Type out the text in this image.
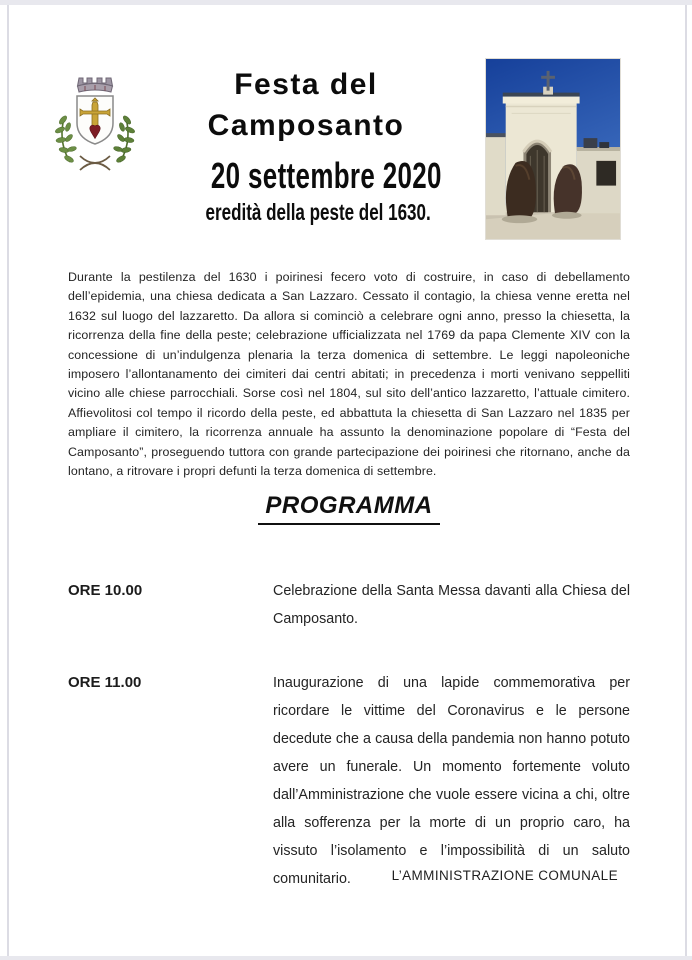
Festa del
Camposanto
20 settembre 2020
eredità della peste del 1630.

Durante la pestilenza del 1630 i poirinesi fecero voto di costruire, in caso di debellamento dell’epidemia, una chiesa dedicata a San Lazzaro. Cessato il contagio, la chiesa venne eretta nel 1632 sul luogo del lazzaretto. Da allora si cominciò a celebrare ogni anno, presso la chiesetta, la ricorrenza della fine della peste; celebrazione ufficializzata nel 1769 da papa Clemente XIV con la concessione di un’indulgenza plenaria la terza domenica di settembre. Le leggi napoleoniche imposero l’allontanamento dei cimiteri dai centri abitati; in precedenza i morti venivano seppelliti vicino alle chiese parrocchiali. Sorse così nel 1804, sul sito dell’antico lazzaretto, l’attuale cimitero. Affievolitosi col tempo il ricordo della peste, ed abbattuta la chiesetta di San Lazzaro nel 1835 per ampliare il cimitero, la ricorrenza annuale ha assunto la denominazione popolare di “Festa del Camposanto”, proseguendo tuttora con grande partecipazione dei poirinesi che ritornano, anche da lontano, a ritrovare i propri defunti la terza domenica di settembre.

PROGRAMMA
ORE 10.00	Celebrazione della Santa Messa davanti alla Chiesa del Camposanto.
ORE 11.00	Inaugurazione di una lapide commemorativa per ricordare le vittime del Coronavirus e le persone decedute che a causa della pandemia non hanno potuto avere un funerale. Un momento fortemente voluto dall’Amministrazione che vuole essere vicina a chi, oltre alla sofferenza per la morte di un proprio caro, ha vissuto l’isolamento e l’impossibilità di un saluto comunitario.	L’AMMINISTRAZIONE COMUNALE
